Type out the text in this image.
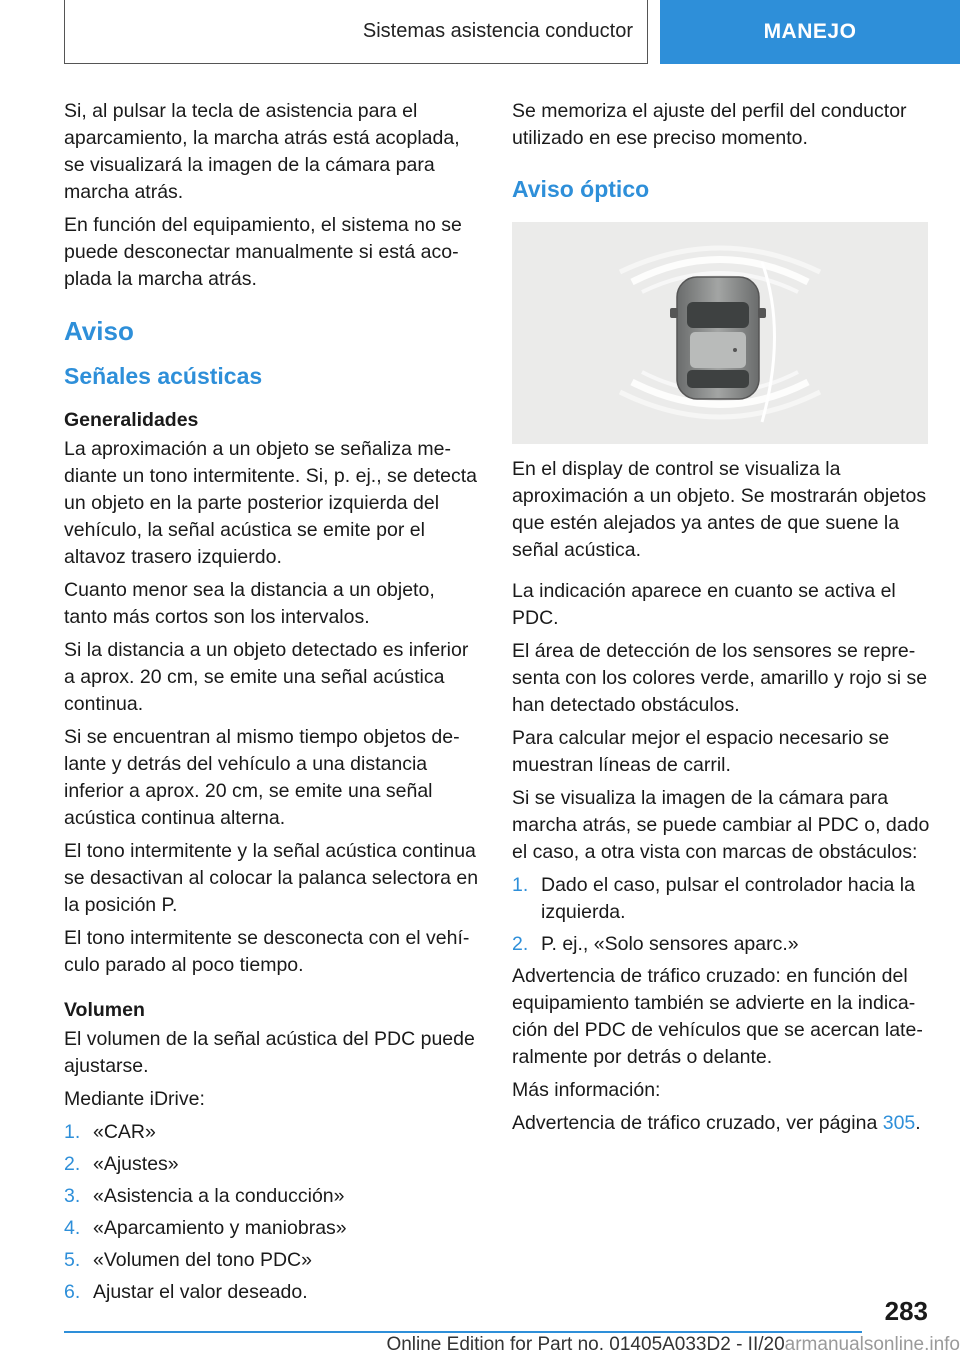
Sistemas asistencia conductor	MANEJO

Si, al pulsar la tecla de asistencia para el aparcamiento, la marcha atrás está acoplada, se visualizará la imagen de la cámara para marcha atrás.

En función del equipamiento, el sistema no se puede desconectar manualmente si está acoplada la marcha atrás.

Aviso
Señales acústicas
Generalidades

La aproximación a un objeto se señaliza mediante un tono intermitente. Si, p. ej., se detecta un objeto en la parte posterior izquierda del vehículo, la señal acústica se emite por el altavoz trasero izquierdo.

Cuanto menor sea la distancia a un objeto, tanto más cortos son los intervalos.

Si la distancia a un objeto detectado es inferior a aprox. 20 cm, se emite una señal acústica continua.

Si se encuentran al mismo tiempo objetos delante y detrás del vehículo a una distancia inferior a aprox. 20 cm, se emite una señal acústica continua alterna.

El tono intermitente y la señal acústica continua se desactivan al colocar la palanca selectora en la posición P.

El tono intermitente se desconecta con el vehículo parado al poco tiempo.

Volumen

El volumen de la señal acústica del PDC puede ajustarse.

Mediante iDrive:

1. «CAR»
2. «Ajustes»
3. «Asistencia a la conducción»
4. «Aparcamiento y maniobras»
5. «Volumen del tono PDC»
6. Ajustar el valor deseado.

Se memoriza el ajuste del perfil del conductor utilizado en ese preciso momento.

Aviso óptico

En el display de control se visualiza la aproximación a un objeto. Se mostrarán objetos que estén alejados ya antes de que suene la señal acústica.

La indicación aparece en cuanto se activa el PDC.

El área de detección de los sensores se representa con los colores verde, amarillo y rojo si se han detectado obstáculos.

Para calcular mejor el espacio necesario se muestran líneas de carril.

Si se visualiza la imagen de la cámara para marcha atrás, se puede cambiar al PDC o, dado el caso, a otra vista con marcas de obstáculos:

1. Dado el caso, pulsar el controlador hacia la izquierda.
2. P. ej., «Solo sensores aparc.»

Advertencia de tráfico cruzado: en función del equipamiento también se advierte en la indicación del PDC de vehículos que se acercan lateralmente por detrás o delante.

Más información:

Advertencia de tráfico cruzado, ver página 305.

283
Online Edition for Part no. 01405A033D2 - II/20armanualsonline.info
